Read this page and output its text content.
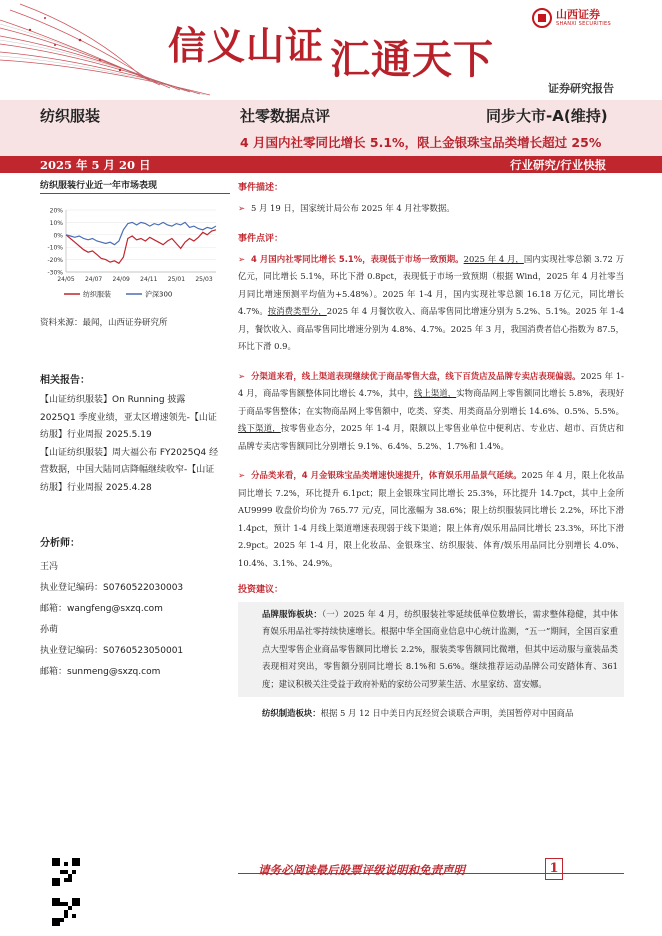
信义山证 汇通天下
山西证券
SHANXI SECURITIES
证券研究报告
纺织服装	社零数据点评	同步大市-A(维持)
4 月国内社零同比增长 5.1%，限上金银珠宝品类增长超过 25%
2025 年 5 月 20 日	行业研究/行业快报
纺织服装行业近一年市场表现
20%
10%
0%
-10%
-20%
-30%
24/05 24/07 24/09 24/11 25/01 25/03
纺织服装	沪深300
资料来源：最闻，山西证券研究所
相关报告：
【山证纺织服装】On Running 披露2025Q1 季度业绩，亚太区增速领先-【山证纺服】行业周报 2025.5.19
【山证纺织服装】周大福公布 FY2025Q4 经营数据，中国大陆同店降幅继续收窄-【山证纺服】行业周报 2025.4.28
分析师：
王冯
执业登记编码：S0760522030003
邮箱：wangfeng@sxzq.com
孙萌
执业登记编码：S0760523050001
邮箱：sunmeng@sxzq.com
事件描述：
➢ 5 月 19 日，国家统计局公布 2025 年 4 月社零数据。
事件点评：
➢ 4 月国内社零同比增长 5.1%，表现低于市场一致预期。2025 年 4 月，国内实现社零总额 3.72 万亿元，同比增长 5.1%，环比下滑 0.8pct，表现低于市场一致预期（根据 Wind，2025 年 4 月社零当月同比增速预测平均值为+5.48%）。2025 年 1-4 月，国内实现社零总额 16.18 万亿元，同比增长 4.7%。按消费类型分，2025 年 4 月餐饮收入、商品零售同比增速分别为 5.2%、5.1%。2025 年 1-4 月，餐饮收入、商品零售同比增速分别为 4.8%、4.7%。2025 年 3 月，我国消费者信心指数为 87.5，环比下滑 0.9。
➢ 分渠道来看，线上渠道表现继续优于商品零售大盘，线下百货店及品牌专卖店表现偏弱。2025 年 1-4 月，商品零售额整体同比增长 4.7%，其中，线上渠道，实物商品网上零售额同比增长 5.8%，表现好于商品零售整体；在实物商品网上零售额中，吃类、穿类、用类商品分别增长 14.6%、0.5%、5.5%。线下渠道，按零售业态分，2025 年 1-4 月，限额以上零售业单位中便利店、专业店、超市、百货店和品牌专卖店零售额同比分别增长 9.1%、6.4%、5.2%、1.7%和 1.4%。
➢ 分品类来看，4 月金银珠宝品类增速快速提升，体育娱乐用品景气延续。2025 年 4 月，限上化妆品同比增长 7.2%，环比提升 6.1pct；限上金银珠宝同比增长 25.3%，环比提升 14.7pct，其中上金所 AU9999 收盘价均价为 765.77 元/克，同比涨幅为 38.6%；限上纺织服装同比增长 2.2%，环比下滑 1.4pct，预计 1-4 月线上渠道增速表现弱于线下渠道；限上体育/娱乐用品同比增长 23.3%，环比下滑 2.9pct。2025 年 1-4 月，限上化妆品、金银珠宝、纺织服装、体育/娱乐用品同比分别增长 4.0%、10.4%、3.1%、24.9%。
投资建议：
品牌服饰板块：（一）2025 年 4 月，纺织服装社零延续低单位数增长，需求整体稳健，其中体育娱乐用品社零持续快速增长。根据中华全国商业信息中心统计监测，“五一”期间，全国百家重点大型零售企业商品零售额同比增长 2.2%，服装类零售额同比微增，但其中运动服与童装品类表现相对突出，零售额分别同比增长 8.1%和 5.6%。继续推荐运动品牌公司安踏体育、361 度；建议积极关注受益于政府补贴的家纺公司罗莱生活、水星家纺、富安娜。
纺织制造板块：根据 5 月 12 日中美日内瓦经贸会谈联合声明，美国暂停对中国商品
请务必阅读最后股票评级说明和免责声明	1
